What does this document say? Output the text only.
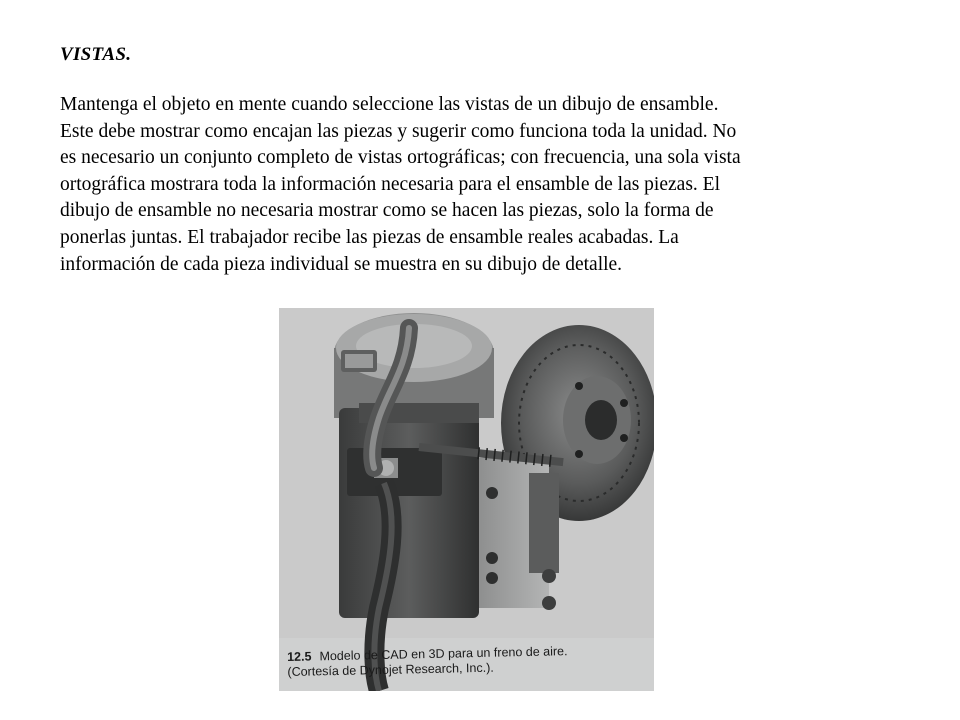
VISTAS.
Mantenga el objeto en mente cuando seleccione las vistas de un dibujo de ensamble.
Este debe mostrar como encajan las piezas y sugerir como funciona toda la unidad. No
es necesario un conjunto completo de vistas ortográficas; con frecuencia, una sola vista
ortográfica mostrara toda la información necesaria para el ensamble de las piezas. El
dibujo de ensamble no necesaria mostrar como se hacen las piezas, solo la forma de
ponerlas juntas. El trabajador recibe las piezas de ensamble reales acabadas. La
información de cada pieza individual se muestra en su dibujo de detalle.
12.5 Modelo de CAD en 3D para un freno de aire.
(Cortesía de Dynojet Research, Inc.).
